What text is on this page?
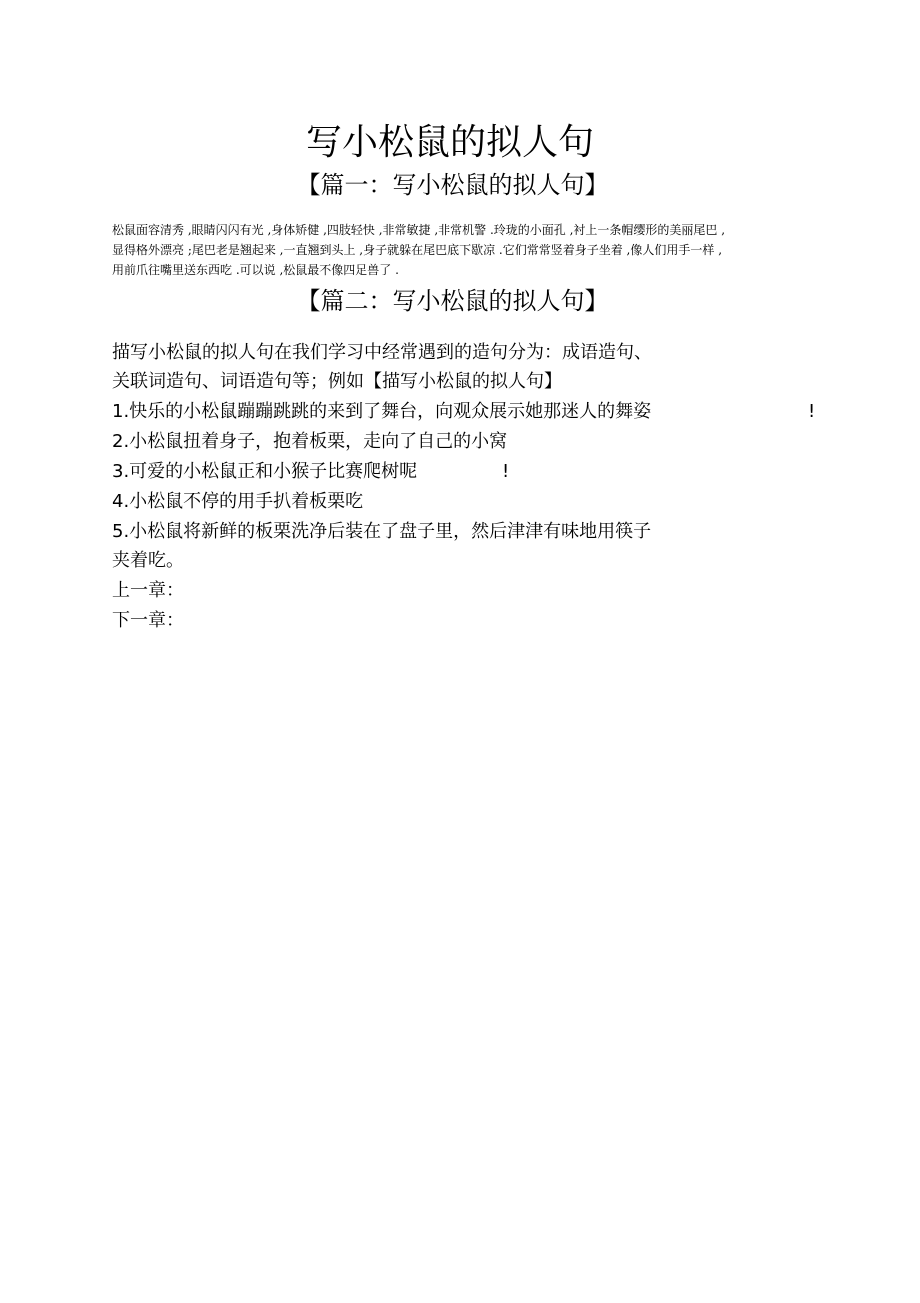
写小松鼠的拟人句
【篇一：写小松鼠的拟人句】
松鼠面容清秀 ,眼睛闪闪有光 ,身体矫健 ,四肢轻快 ,非常敏捷 ,非常机警 .玲珑的小面孔 ,衬上一条帽缨形的美丽尾巴 ,
显得格外漂亮 ;尾巴老是翘起来 ,一直翘到头上 ,身子就躲在尾巴底下歇凉 .它们常常竖着身子坐着 ,像人们用手一样 ,
用前爪往嘴里送东西吃 .可以说 ,松鼠最不像四足兽了 .
【篇二：写小松鼠的拟人句】
描写小松鼠的拟人句在我们学习中经常遇到的造句分为：成语造句、
关联词造句、词语造句等；例如【描写小松鼠的拟人句】
1.快乐的小松鼠蹦蹦跳跳的来到了舞台，向观众展示她那迷人的舞姿	!
2.小松鼠扭着身子，抱着板栗，走向了自己的小窝
3.可爱的小松鼠正和小猴子比赛爬树呢	!
4.小松鼠不停的用手扒着板栗吃
5.小松鼠将新鲜的板栗洗净后装在了盘子里，然后津津有味地用筷子
夹着吃。
上一章：
下一章：
